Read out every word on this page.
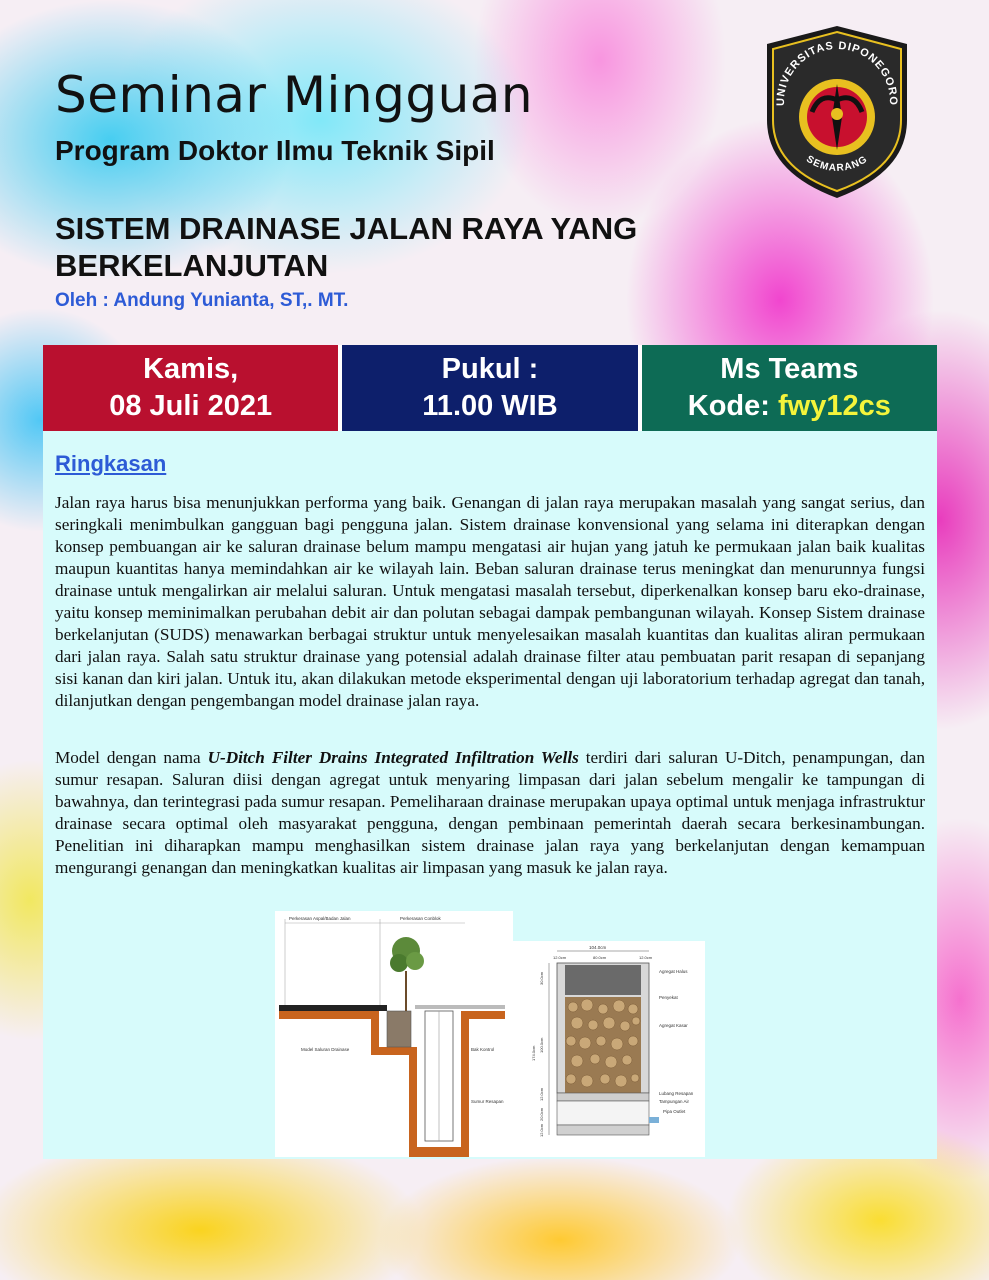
Seminar Mingguan
Program Doktor Ilmu Teknik Sipil
SISTEM DRAINASE JALAN RAYA YANG BERKELANJUTAN

Oleh : Andung Yunianta, ST,. MT.

UNIVERSITAS DIPONEGORO
SEMARANG
Kamis,
08 Juli 2021
Pukul :
11.00 WIB
Ms Teams
Kode: fwy12cs
Ringkasan

Jalan raya harus bisa menunjukkan performa yang baik. Genangan di jalan raya merupakan masalah yang sangat serius, dan seringkali menimbulkan gangguan bagi pengguna jalan. Sistem drainase konvensional yang selama ini diterapkan dengan konsep pembuangan air ke saluran drainase belum mampu mengatasi air hujan yang jatuh ke permukaan jalan baik kualitas maupun kuantitas hanya memindahkan air ke wilayah lain. Beban saluran drainase terus meningkat dan menurunnya fungsi drainase untuk mengalirkan air melalui saluran. Untuk mengatasi masalah tersebut, diperkenalkan konsep baru eko-drainase, yaitu konsep meminimalkan perubahan debit air dan polutan sebagai dampak pembangunan wilayah. Konsep Sistem drainase berkelanjutan (SUDS) menawarkan berbagai struktur untuk menyelesaikan masalah kuantitas dan kualitas aliran permukaan dari jalan raya. Salah satu struktur drainase yang potensial adalah drainase filter atau pembuatan parit resapan di sepanjang sisi kanan dan kiri jalan. Untuk itu, akan dilakukan metode eksperimental dengan uji laboratorium terhadap agregat dan tanah, dilanjutkan dengan pengembangan model drainase jalan raya.

Model dengan nama U-Ditch Filter Drains Integrated Infiltration Wells terdiri dari saluran U-Ditch, penampungan, dan sumur resapan. Saluran diisi dengan agregat untuk menyaring limpasan dari jalan sebelum mengalir ke tampungan di bawahnya, dan terintegrasi pada sumur resapan. Pemeliharaan drainase merupakan upaya optimal untuk menjaga infrastruktur drainase secara optimal oleh masyarakat pengguna, dengan pembinaan pemerintah daerah secara berkesinambungan. Penelitian ini diharapkan mampu menghasilkan sistem drainase jalan raya yang berkelanjutan dengan kemampuan mengurangi genangan dan meningkatkan kualitas air limpasan yang masuk ke jalan raya.

Perkerasan Aspal/Badan Jalan	Perkerasan Conblok
Model Saluran Drainase	Bak Kontrol
Sumur Resapan
104.0cm
12.0cm	80.0cm	12.0cm
30.0cm
100.0cm
174.0cm
12.0cm
20.0cm
12.0cm
Agregat Halus
Penyekat
Agregat Kasar
Lubang Resapan
Tampungan Air
Pipa Outlet
